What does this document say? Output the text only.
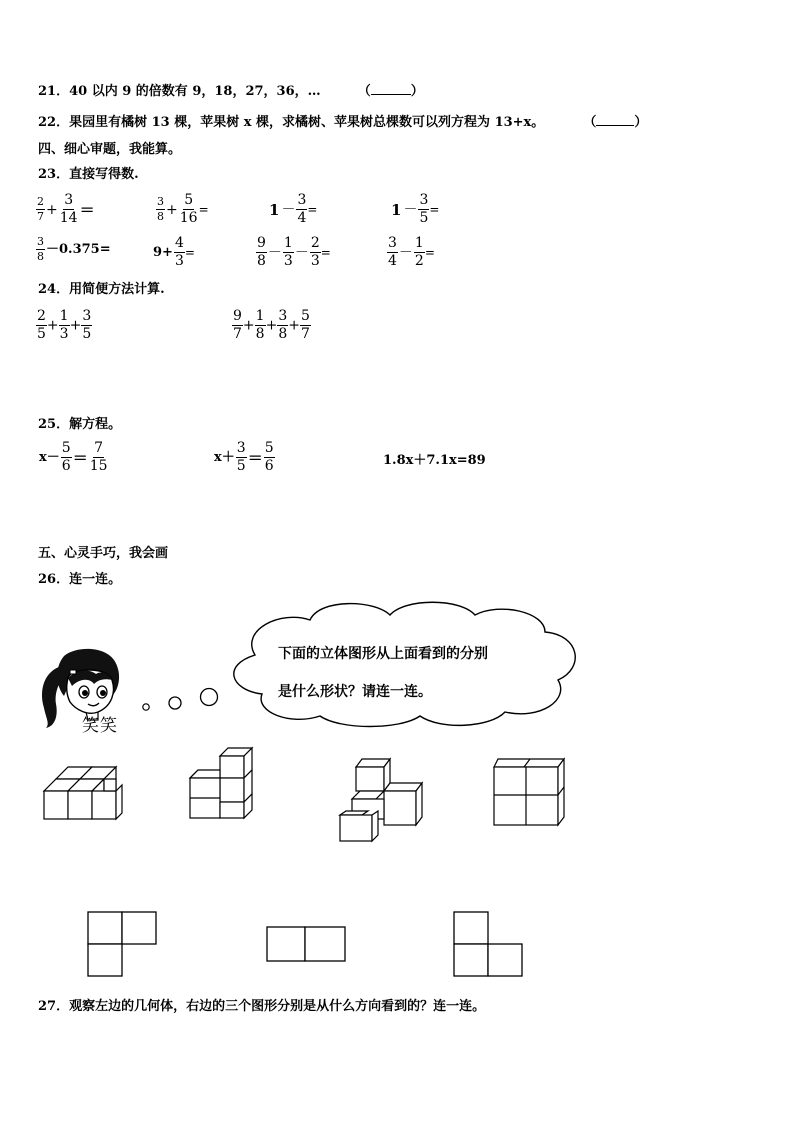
21．40 以内 9 的倍数有 9，18，27，36，…	（	）
22．果园里有橘树 13 棵，苹果树 x 棵，求橘树、苹果树总棵数可以列方程为 13+x。	（	）
四、细心审题，我能算。
23．直接写得数.
$\frac{2}{7} + \frac{3}{14}$ ＝	$\frac{3}{8} + \frac{5}{16}$ =	$1 - \frac{3}{4}$ =	$1 - \frac{3}{5}$ =
$\frac{3}{8} -0.375=$	$9+ \frac{4}{3}$ =	$\frac{9}{8} - \frac{1}{3} - \frac{2}{3}$ =	$\frac{3}{4} - \frac{1}{2}$ =
24．用简便方法计算.
$\frac{2}{5} + \frac{1}{3} + \frac{3}{5}$	$\frac{9}{7} + \frac{1}{8} + \frac{3}{8} + \frac{5}{7}$
25．解方程。
$x- \frac{5}{6} = \frac{7}{15}$	$x+ \frac{3}{5} = \frac{5}{6}$	1.8x＋7.1x=89
五、心灵手巧，我会画
26．连一连。
下面的立体图形从上面看到的分别
是什么形状？请连一连。
笑笑
27．观察左边的几何体，右边的三个图形分别是从什么方向看到的？连一连。
